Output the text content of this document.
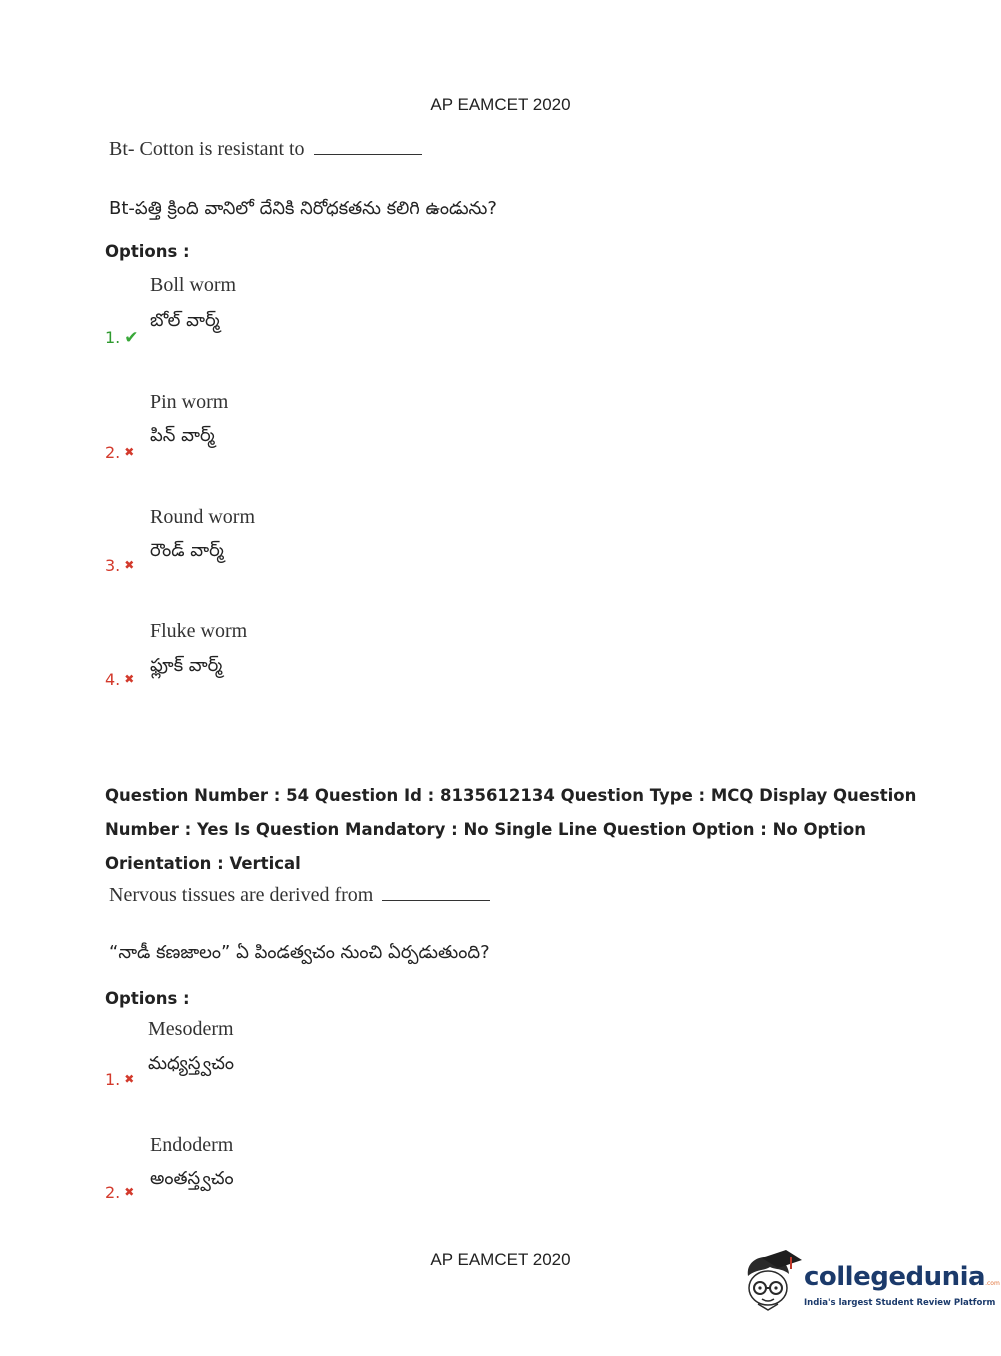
AP EAMCET 2020
Bt- Cotton is resistant to
Bt-పత్తి క్రింది వానిలో దేనికి నిరోధకతను కలిగి ఉండును?
Options :
Boll worm
బోల్ వార్మ్
1. ✔
Pin worm
పిన్ వార్మ్
2. ✖
Round worm
రౌండ్ వార్మ్
3. ✖
Fluke worm
ఫ్లూక్ వార్మ్
4. ✖
Question Number : 54 Question Id : 8135612134 Question Type : MCQ Display Question
Number : Yes Is Question Mandatory : No Single Line Question Option : No Option
Orientation : Vertical
Nervous tissues are derived from
“నాడీ కణజాలం” ఏ పిండత్వచం నుంచి ఏర్పడుతుంది?
Options :
Mesoderm
మధ్యస్త్వచం
1. ✖
Endoderm
అంతస్త్వచం
2. ✖
AP EAMCET 2020
collegedunia.com
India's largest Student Review Platform
